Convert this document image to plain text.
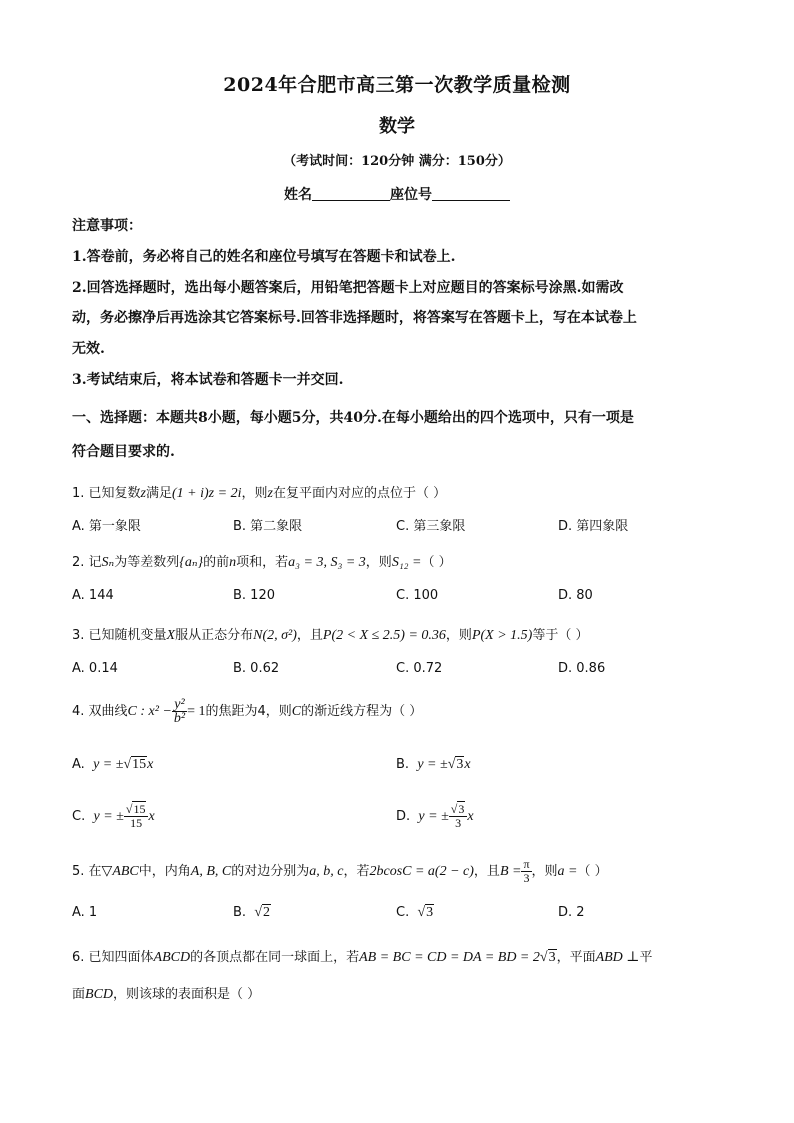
2024年合肥市高三第一次教学质量检测
数学
（考试时间：120分钟 满分：150分）
姓名	座位号
注意事项：
1.答卷前，务必将自己的姓名和座位号填写在答题卡和试卷上.
2.回答选择题时，选出每小题答案后，用铅笔把答题卡上对应题目的答案标号涂黑.如需改
动，务必擦净后再选涂其它答案标号.回答非选择题时，将答案写在答题卡上，写在本试卷上
无效.
3.考试结束后，将本试卷和答题卡一并交回.
一、选择题：本题共8小题，每小题5分，共40分.在每小题给出的四个选项中，只有一项是
符合题目要求的.
1. 已知复数z满足(1 + i)z = 2i，则z在复平面内对应的点位于（ ）
A. 第一象限	B. 第二象限	C. 第三象限	D. 第四象限
2. 记Sₙ为等差数列{aₙ}的前n项和，若a₃ = 3, S₃ = 3，则S₁₂ =（ ）
A. 144	B. 120	C. 100	D. 80
3. 已知随机变量X服从正态分布N(2, σ²)，且P(2 < X ≤ 2.5) = 0.36，则P(X > 1.5)等于（ ）
A. 0.14	B. 0.62	C. 0.72	D. 0.86
4. 双曲线C : $x^2 - \frac{\text{y²}}{\text{b²}} = 1$的焦距为4，则C的渐近线方程为（ ）
A. y = ±√15x	B. y = ±√3x
C. y = ± $\frac{√15}{15}$ x	D. y = ± $\frac{√3}{3}$ x
5. 在▽ABC中，内角A, B, C的对边分别为a, b, c，若2bcosC = a(2 − c)，且$B = \frac{\pi}{3}$ ，则a =（ ）
A. 1	B. √2	C. √3	D. 2
6. 已知四面体ABCD的各顶点都在同一球面上，若AB = BC = CD = DA = BD = 2√3，平面ABD ⊥平
面BCD，则该球的表面积是（ ）
